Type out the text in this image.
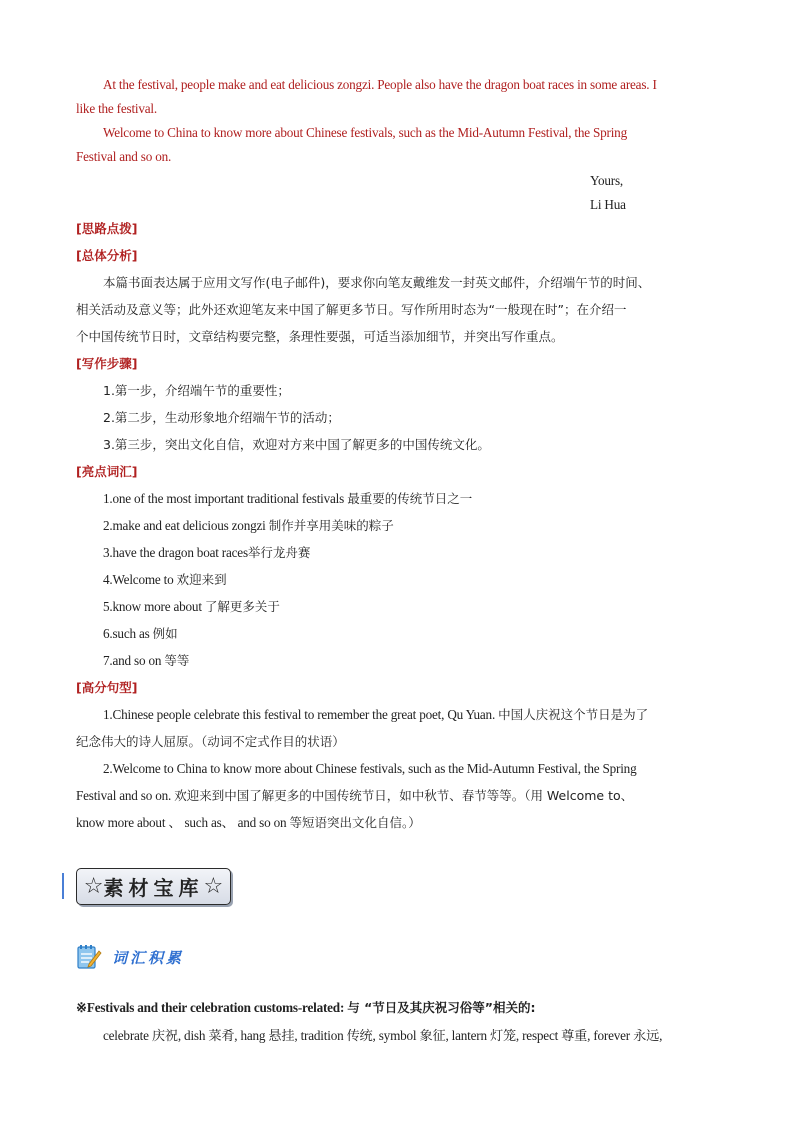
At the festival, people make and eat delicious zongzi. People also have the dragon boat races in some areas. I
like the festival.
Welcome to China to know more about Chinese festivals, such as the Mid-Autumn Festival, the Spring
Festival and so on.
Yours,
Li Hua
[思路点拨]
[总体分析]
本篇书面表达属于应用文写作(电子邮件)，要求你向笔友戴维发一封英文邮件，介绍端午节的时间、
相关活动及意义等；此外还欢迎笔友来中国了解更多节日。写作所用时态为“一般现在时”；在介绍一
个中国传统节日时，文章结构要完整，条理性要强，可适当添加细节，并突出写作重点。
[写作步骤]
1.第一步，介绍端午节的重要性；
2.第二步，生动形象地介绍端午节的活动；
3.第三步，突出文化自信，欢迎对方来中国了解更多的中国传统文化。
[亮点词汇]
1.one of the most important traditional festivals 最重要的传统节日之一
2.make and eat delicious zongzi 制作并享用美味的粽子
3.have the dragon boat races举行龙舟赛
4.Welcome to 欢迎来到
5.know more about 了解更多关于
6.such as 例如
7.and so on 等等
[高分句型]
1.Chinese people celebrate this festival to remember the great poet, Qu Yuan. 中国人庆祝这个节日是为了
纪念伟大的诗人屈原。（动词不定式作目的状语）
2.Welcome to China to know more about Chinese festivals, such as the Mid-Autumn Festival, the Spring
Festival and so on. 欢迎来到中国了解更多的中国传统节日，如中秋节、春节等等。（用 Welcome to、
know more about 、 such as、 and so on 等短语突出文化自信。）
☆ 素材宝库 ☆
词汇积累
※Festivals and their celebration customs-related: 与 “节日及其庆祝习俗等”相关的:
celebrate 庆祝, dish 菜肴, hang 悬挂, tradition 传统, symbol 象征, lantern 灯笼, respect 尊重, forever 永远,
